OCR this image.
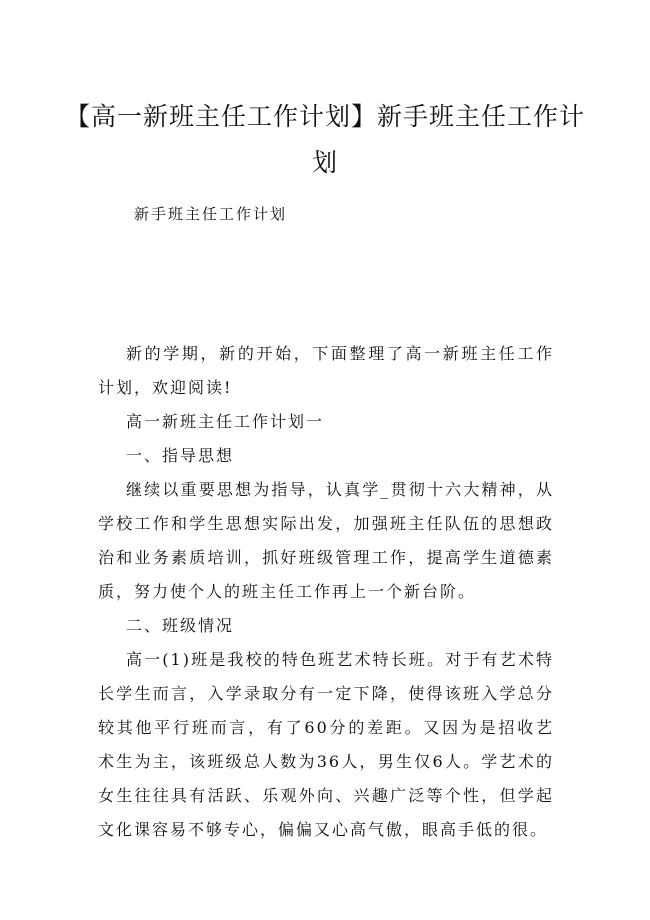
【高一新班主任工作计划】新手班主任工作计划

新手班主任工作计划

新的学期，新的开始，下面整理了高一新班主任工作计划，欢迎阅读!

高一新班主任工作计划一

一、指导思想

继续以重要思想为指导，认真学_贯彻十六大精神，从学校工作和学生思想实际出发，加强班主任队伍的思想政治和业务素质培训，抓好班级管理工作，提高学生道德素质，努力使个人的班主任工作再上一个新台阶。

二、班级情况

高一(1)班是我校的特色班艺术特长班。对于有艺术特长学生而言，入学录取分有一定下降，使得该班入学总分较其他平行班而言，有了60分的差距。又因为是招收艺术生为主，该班级总人数为36人，男生仅6人。学艺术的女生往往具有活跃、乐观外向、兴趣广泛等个性，但学起文化课容易不够专心，偏偏又心高气傲，眼高手低的很。
